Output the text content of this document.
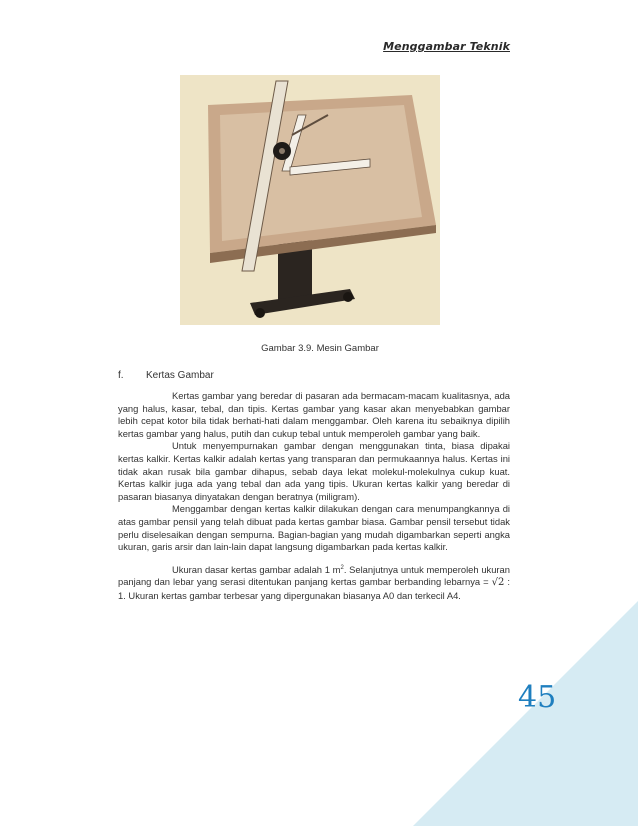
Menggambar Teknik
Gambar 3.9. Mesin Gambar
f. Kertas Gambar

Kertas gambar yang beredar di pasaran ada bermacam-macam kualitasnya, ada yang halus, kasar, tebal, dan tipis. Kertas gambar yang kasar akan menyebabkan gambar lebih cepat kotor bila tidak berhati-hati dalam menggambar. Oleh karena itu sebaiknya dipilih kertas gambar yang halus, putih dan cukup tebal untuk memperoleh gambar yang baik.

Untuk menyempurnakan gambar dengan menggunakan tinta, biasa dipakai kertas kalkir. Kertas kalkir adalah kertas yang transparan dan permukaannya halus. Kertas ini tidak akan rusak bila gambar dihapus, sebab daya lekat molekul-molekulnya cukup kuat. Kertas kalkir juga ada yang tebal dan ada yang tipis. Ukuran kertas kalkir yang beredar di pasaran biasanya dinyatakan dengan beratnya (miligram).

Menggambar dengan kertas kalkir dilakukan dengan cara menumpangkannya di atas gambar pensil yang telah dibuat pada kertas gambar biasa. Gambar pensil tersebut tidak perlu diselesaikan dengan sempurna. Bagian-bagian yang mudah digambarkan seperti angka ukuran, garis arsir dan lain-lain dapat langsung digambarkan pada kertas kalkir.

Ukuran dasar kertas gambar adalah 1 $m^2$. Selanjutnya untuk memperoleh ukuran panjang dan lebar yang serasi ditentukan panjang kertas gambar berbanding lebarnya = √2 : 1. Ukuran kertas gambar terbesar yang dipergunakan biasanya A0 dan terkecil A4.

45
